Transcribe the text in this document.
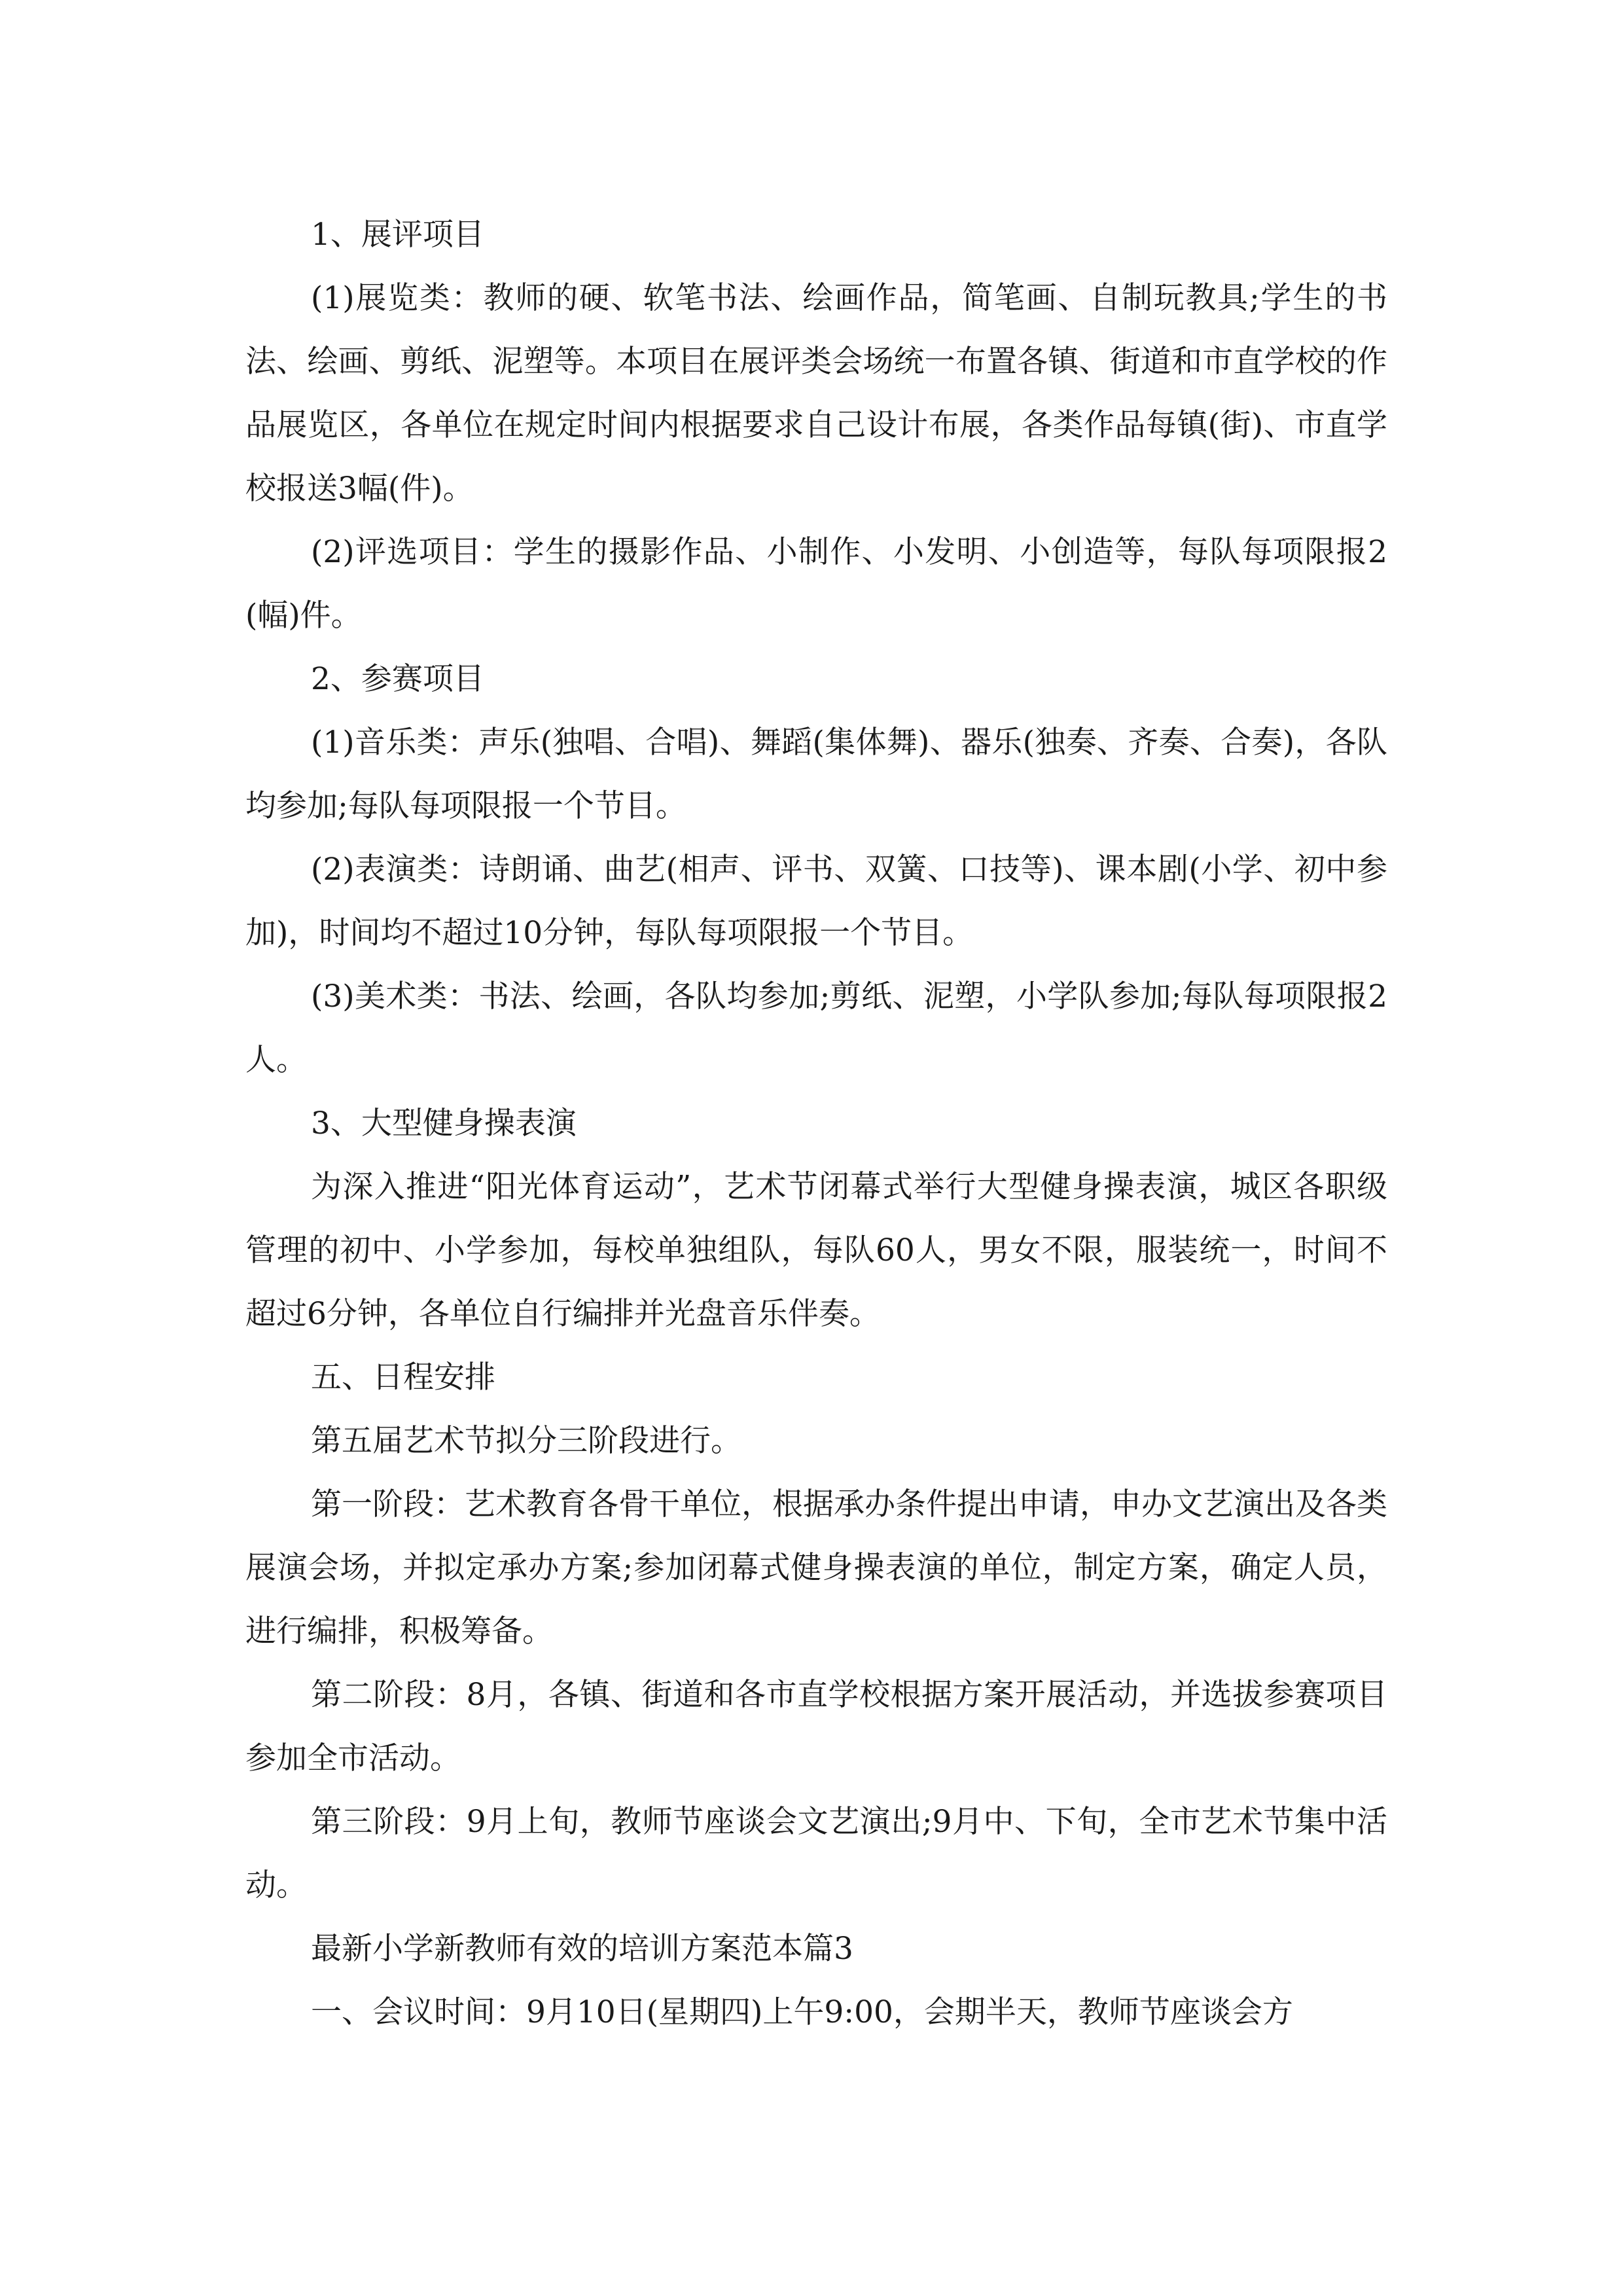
1、展评项目

(1)展览类：教师的硬、软笔书法、绘画作品，简笔画、自制玩教具;学生的书法、绘画、剪纸、泥塑等。本项目在展评类会场统一布置各镇、街道和市直学校的作品展览区，各单位在规定时间内根据要求自己设计布展，各类作品每镇(街)、市直学校报送3幅(件)。

(2)评选项目：学生的摄影作品、小制作、小发明、小创造等，每队每项限报2(幅)件。

2、参赛项目

(1)音乐类：声乐(独唱、合唱)、舞蹈(集体舞)、器乐(独奏、齐奏、合奏)，各队均参加;每队每项限报一个节目。

(2)表演类：诗朗诵、曲艺(相声、评书、双簧、口技等)、课本剧(小学、初中参加)，时间均不超过10分钟，每队每项限报一个节目。

(3)美术类：书法、绘画，各队均参加;剪纸、泥塑，小学队参加;每队每项限报2人。

3、大型健身操表演

为深入推进“阳光体育运动”，艺术节闭幕式举行大型健身操表演，城区各职级管理的初中、小学参加，每校单独组队，每队60人，男女不限，服装统一，时间不超过6分钟，各单位自行编排并光盘音乐伴奏。

五、日程安排

第五届艺术节拟分三阶段进行。

第一阶段：艺术教育各骨干单位，根据承办条件提出申请，申办文艺演出及各类展演会场，并拟定承办方案;参加闭幕式健身操表演的单位，制定方案，确定人员，进行编排，积极筹备。

第二阶段：8月，各镇、街道和各市直学校根据方案开展活动，并选拔参赛项目参加全市活动。

第三阶段：9月上旬，教师节座谈会文艺演出;9月中、下旬，全市艺术节集中活动。

最新小学新教师有效的培训方案范本篇3

一、会议时间：9月10日(星期四)上午9:00，会期半天，教师节座谈会方
